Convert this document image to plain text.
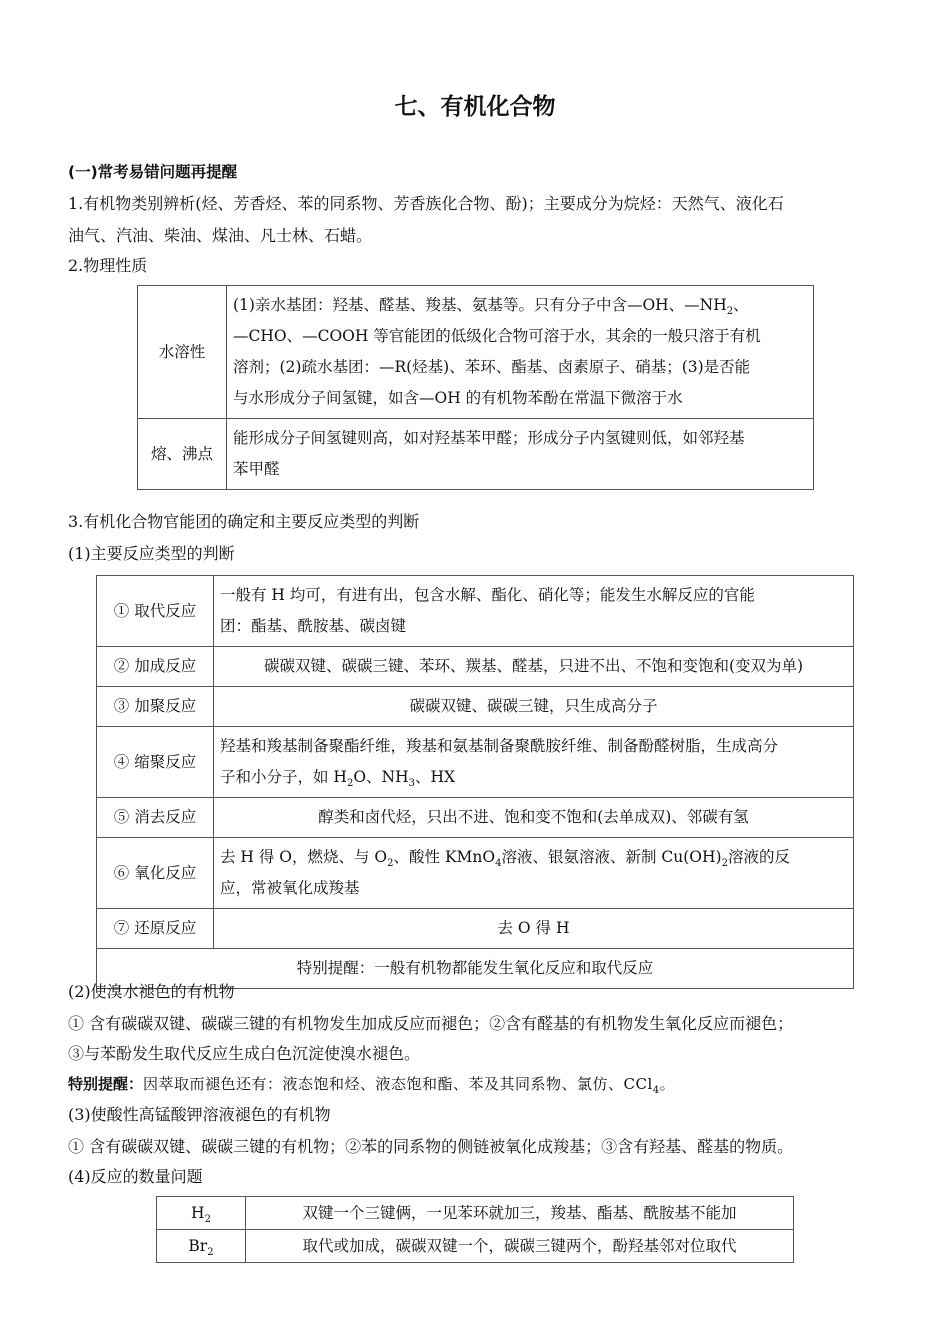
七、有机化合物
(一)常考易错问题再提醒
1.有机物类别辨析(烃、芳香烃、苯的同系物、芳香族化合物、酚)；主要成分为烷烃：天然气、液化石
油气、汽油、柴油、煤油、凡士林、石蜡。
2.物理性质
水溶性	(1)亲水基团：羟基、醛基、羧基、氨基等。只有分子中含—OH、$—NH_2$、
—CHO、—COOH 等官能团的低级化合物可溶于水，其余的一般只溶于有机
溶剂；(2)疏水基团：—R(烃基)、苯环、酯基、卤素原子、硝基；(3)是否能
与水形成分子间氢键，如含—OH 的有机物苯酚在常温下微溶于水

熔、沸点	能形成分子间氢键则高，如对羟基苯甲醛；形成分子内氢键则低，如邻羟基
苯甲醛
3.有机化合物官能团的确定和主要反应类型的判断
(1)主要反应类型的判断
① 取代反应	一般有 H 均可，有进有出，包含水解、酯化、硝化等；能发生水解反应的官能
团：酯基、酰胺基、碳卤键

② 加成反应	碳碳双键、碳碳三键、苯环、羰基、醛基，只进不出、不饱和变饱和(变双为单)
③ 加聚反应	碳碳双键、碳碳三键，只生成高分子
④ 缩聚反应	羟基和羧基制备聚酯纤维，羧基和氨基制备聚酰胺纤维、制备酚醛树脂，生成高分
子和小分子，如 $H_2O$、$NH_3$、HX

⑤ 消去反应	醇类和卤代烃，只出不进、饱和变不饱和(去单成双)、邻碳有氢
⑥ 氧化反应	去 H 得 O，燃烧、与 $O_2$、酸性 KMnO$_4$溶液、银氨溶液、新制 $Cu(OH)_2$溶液的反
应，常被氧化成羧基

⑦ 还原反应	去 O 得 H
特别提醒：一般有机物都能发生氧化反应和取代反应	
(2)使溴水褪色的有机物
① 含有碳碳双键、碳碳三键的有机物发生加成反应而褪色；②含有醛基的有机物发生氧化反应而褪色；
③与苯酚发生取代反应生成白色沉淀使溴水褪色。
特别提醒：因萃取而褪色还有：液态饱和烃、液态饱和酯、苯及其同系物、氯仿、CCl$_4$。
(3)使酸性高锰酸钾溶液褪色的有机物
① 含有碳碳双键、碳碳三键的有机物；②苯的同系物的侧链被氧化成羧基；③含有羟基、醛基的物质。
(4)反应的数量问题
$H_2$	双键一个三键俩，一见苯环就加三，羧基、酯基、酰胺基不能加
$Br_2$	取代或加成，碳碳双键一个，碳碳三键两个，酚羟基邻对位取代
